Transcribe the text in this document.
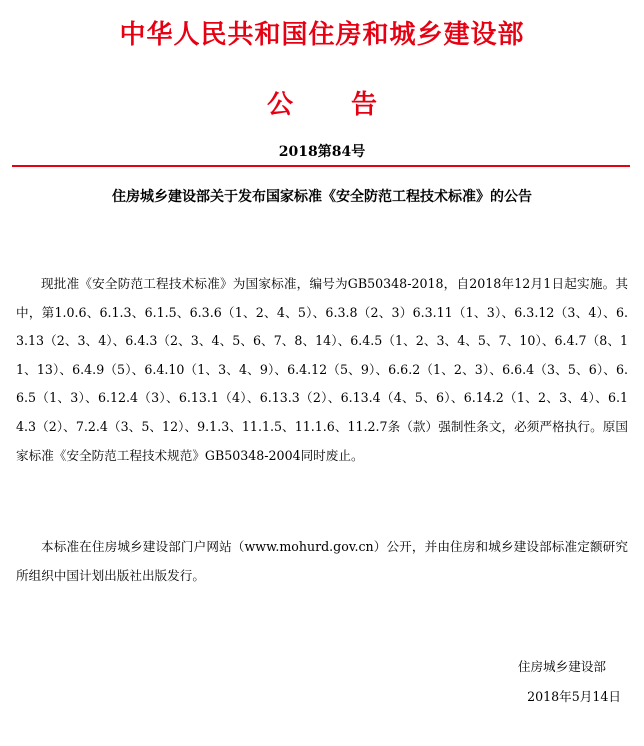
中华人民共和国住房和城乡建设部
公 告
2018第84号
住房城乡建设部关于发布国家标准《安全防范工程技术标准》的公告
现批准《安全防范工程技术标准》为国家标准，编号为GB50348-2018，自2018年12月1日起实施。其中，第1.0.6、6.1.3、6.1.5、6.3.6（1、2、4、5）、6.3.8（2、3）6.3.11（1、3）、6.3.12（3、4）、6.3.13（2、3、4）、6.4.3（2、3、4、5、6、7、8、14）、6.4.5（1、2、3、4、5、7、10）、6.4.7（8、11、13）、6.4.9（5）、6.4.10（1、3、4、9）、6.4.12（5、9）、6.6.2（1、2、3）、6.6.4（3、5、6）、6.6.5（1、3）、6.12.4（3）、6.13.1（4）、6.13.3（2）、6.13.4（4、5、6）、6.14.2（1、2、3、4）、6.14.3（2）、7.2.4（3、5、12）、9.1.3、11.1.5、11.1.6、11.2.7条（款）强制性条文，必须严格执行。原国家标准《安全防范工程技术规范》GB50348-2004同时废止。
本标准在住房城乡建设部门户网站（www.mohurd.gov.cn）公开，并由住房和城乡建设部标准定额研究所组织中国计划出版社出版发行。
住房城乡建设部
2018年5月14日
